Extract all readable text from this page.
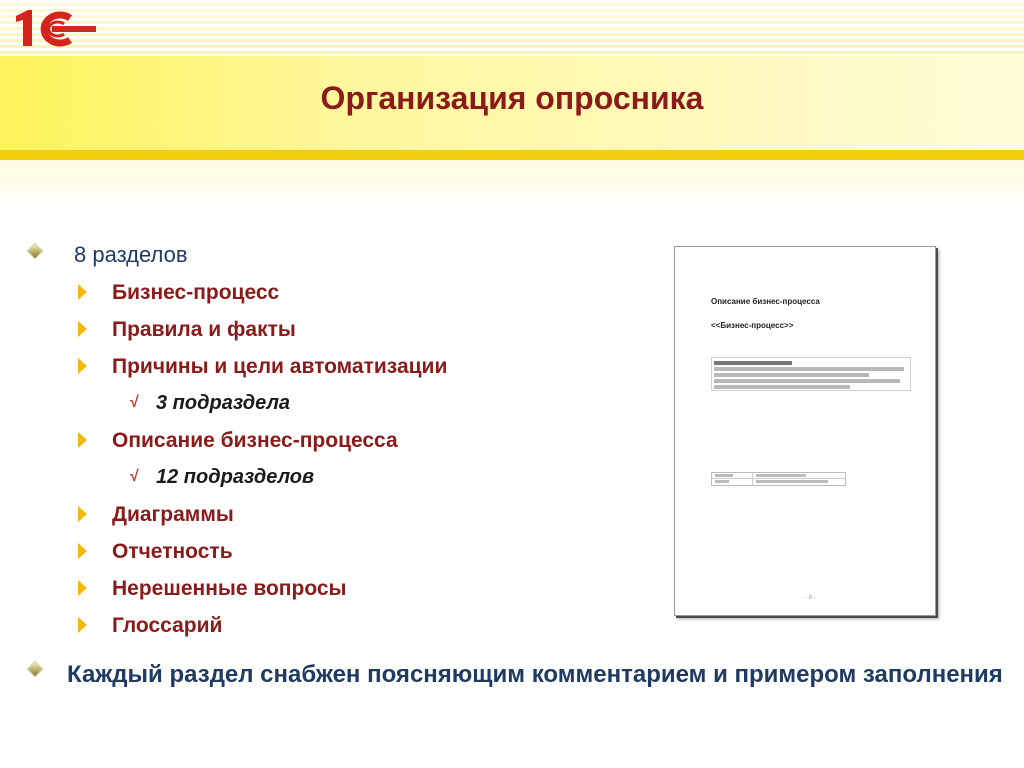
Организация опросника
8 разделов
Бизнес-процесс
Правила и факты
Причины и цели автоматизации
√ 3 подраздела
Описание бизнес-процесса
√ 12 подразделов
Диаграммы
Отчетность
Нерешенные вопросы
Глоссарий
Каждый раздел снабжен поясняющим комментарием и примером заполнения
Описание бизнес-процесса
<<Бизнес-процесс>>
- 8 -
